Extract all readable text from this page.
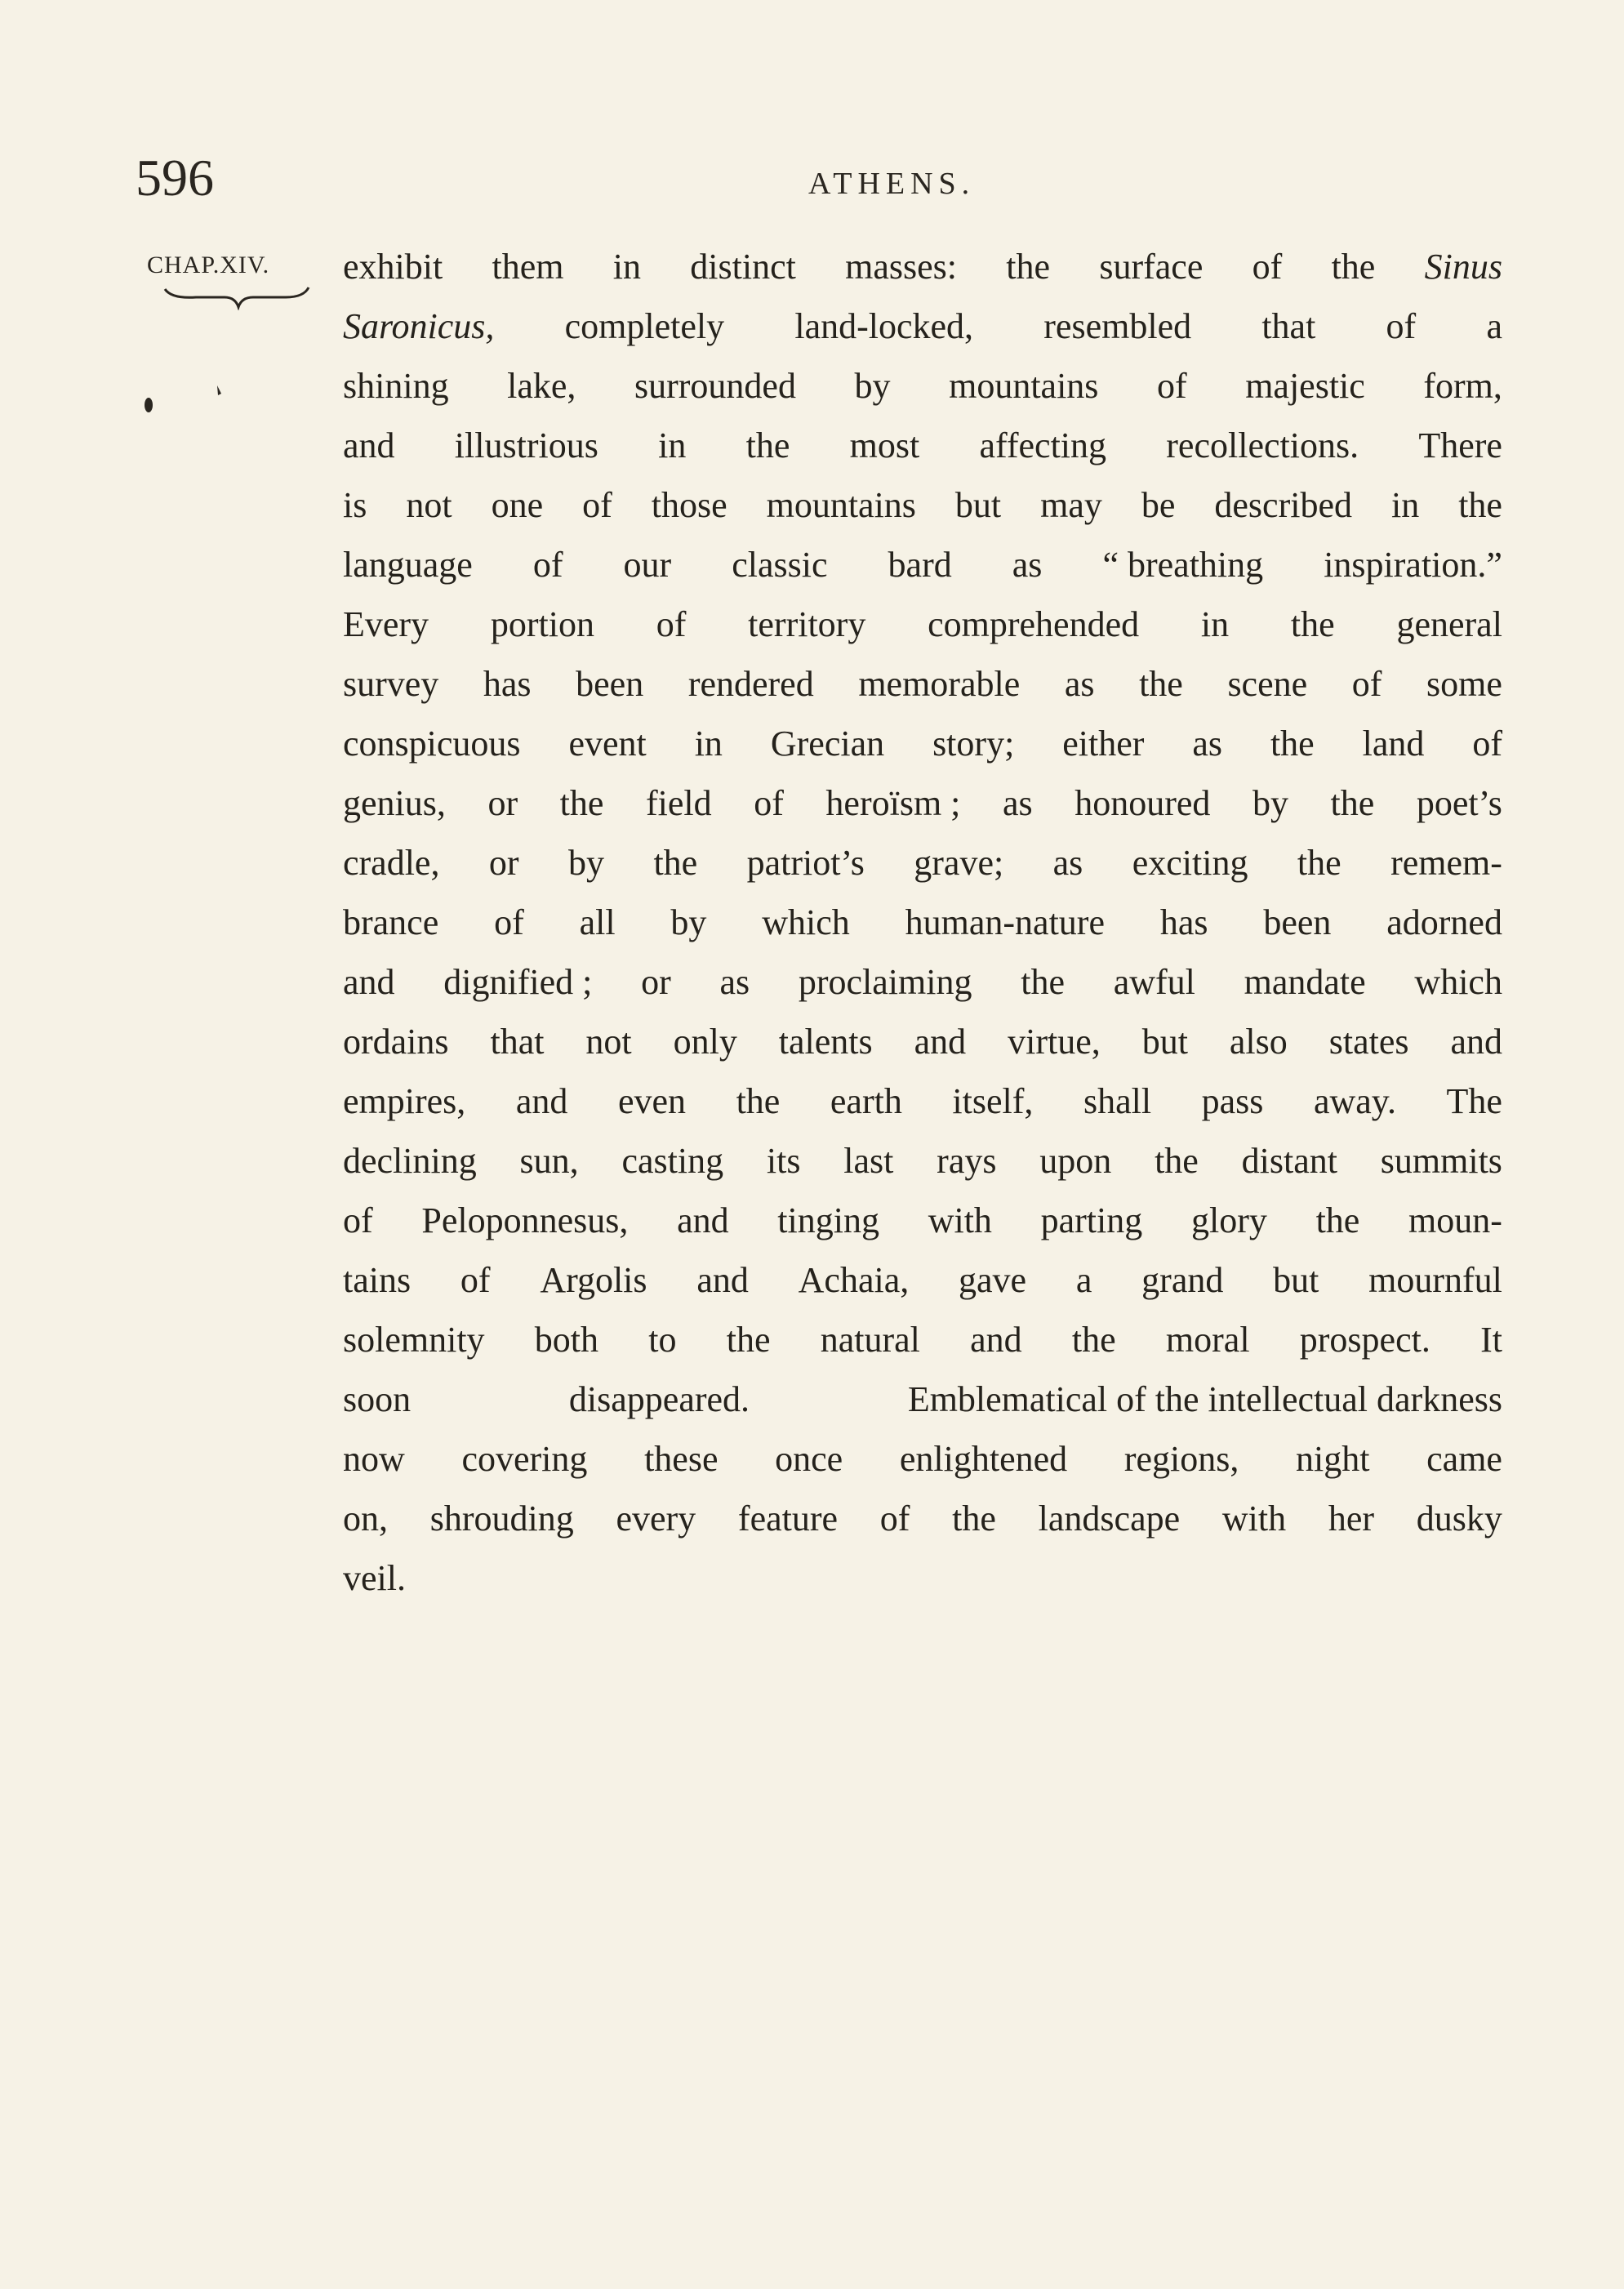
596	ATHENS.
CHAP.XIV. exhibit them in distinct masses: the surface of the Sinus
Saronicus, completely land-locked, resembled that of a
shining lake, surrounded by mountains of majestic form,
and illustrious in the most affecting recollections. There
is not one of those mountains but may be described in the
language of our classic bard as “ breathing inspiration.”
Every portion of territory comprehended in the general
survey has been rendered memorable as the scene of some
conspicuous event in Grecian story; either as the land of
genius, or the field of heroïsm ; as honoured by the poet’s
cradle, or by the patriot’s grave; as exciting the remem-
brance of all by which human-nature has been adorned
and dignified ; or as proclaiming the awful mandate which
ordains that not only talents and virtue, but also states and
empires, and even the earth itself, shall pass away. The
declining sun, casting its last rays upon the distant summits
of Peloponnesus, and tinging with parting glory the moun-
tains of Argolis and Achaia, gave a grand but mournful
solemnity both to the natural and the moral prospect. It
soon	disappeared.	Emblematical of the intellectual darkness
now covering these once enlightened regions, night came
on, shrouding every feature of the landscape with her dusky
veil.
